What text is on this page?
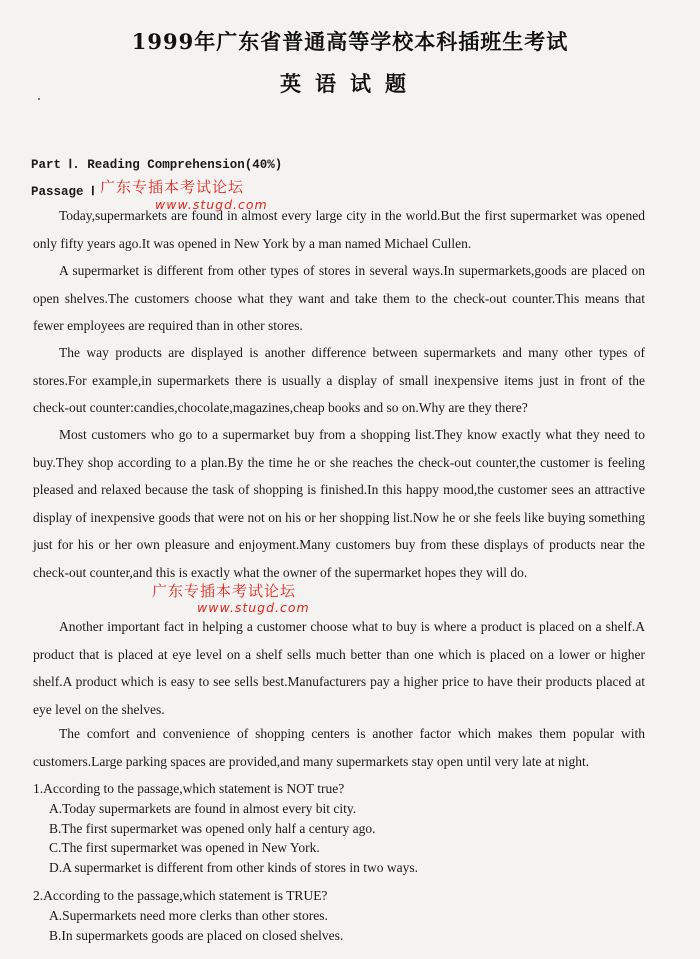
1999年广东省普通高等学校本科插班生考试
英语试题
Part Ⅰ. Reading Comprehension(40%)
Passage Ⅰ 广东专插本考试论坛
www.stugd.com

Today,supermarkets are found in almost every large city in the world.But the first supermarket was opened only fifty years ago.It was opened in New York by a man named Michael Cullen.

A supermarket is different from other types of stores in several ways.In supermarkets,goods are placed on open shelves.The customers choose what they want and take them to the check-out counter.This means that fewer employees are required than in other stores.

The way products are displayed is another difference between supermarkets and many other types of stores.For example,in supermarkets there is usually a display of small inexpensive items just in front of the check-out counter:candies,chocolate,magazines,cheap books and so on.Why are they there?

Most customers who go to a supermarket buy from a shopping list.They know exactly what they need to buy.They shop according to a plan.By the time he or she reaches the check-out counter,the customer is feeling pleased and relaxed because the task of shopping is finished.In this happy mood,the customer sees an attractive display of inexpensive goods that were not on his or her shopping list.Now he or she feels like buying something just for his or her own pleasure and enjoyment.Many customers buy from these displays of products near the check-out counter,and this is exactly what the owner of the supermarket hopes they will do.

广东专插本考试论坛
www.stugd.com

Another important fact in helping a customer choose what to buy is where a product is placed on a shelf.A product that is placed at eye level on a shelf sells much better than one which is placed on a lower or higher shelf.A product which is easy to see sells best.Manufacturers pay a higher price to have their products placed at eye level on the shelves.

The comfort and convenience of shopping centers is another factor which makes them popular with customers.Large parking spaces are provided,and many supermarkets stay open until very late at night.

1.According to the passage,which statement is NOT true?
A.Today supermarkets are found in almost every bit city.
B.The first supermarket was opened only half a century ago.
C.The first supermarket was opened in New York.
D.A supermarket is different from other kinds of stores in two ways.
2.According to the passage,which statement is TRUE?
A.Supermarkets need more clerks than other stores.
B.In supermarkets goods are placed on closed shelves.
